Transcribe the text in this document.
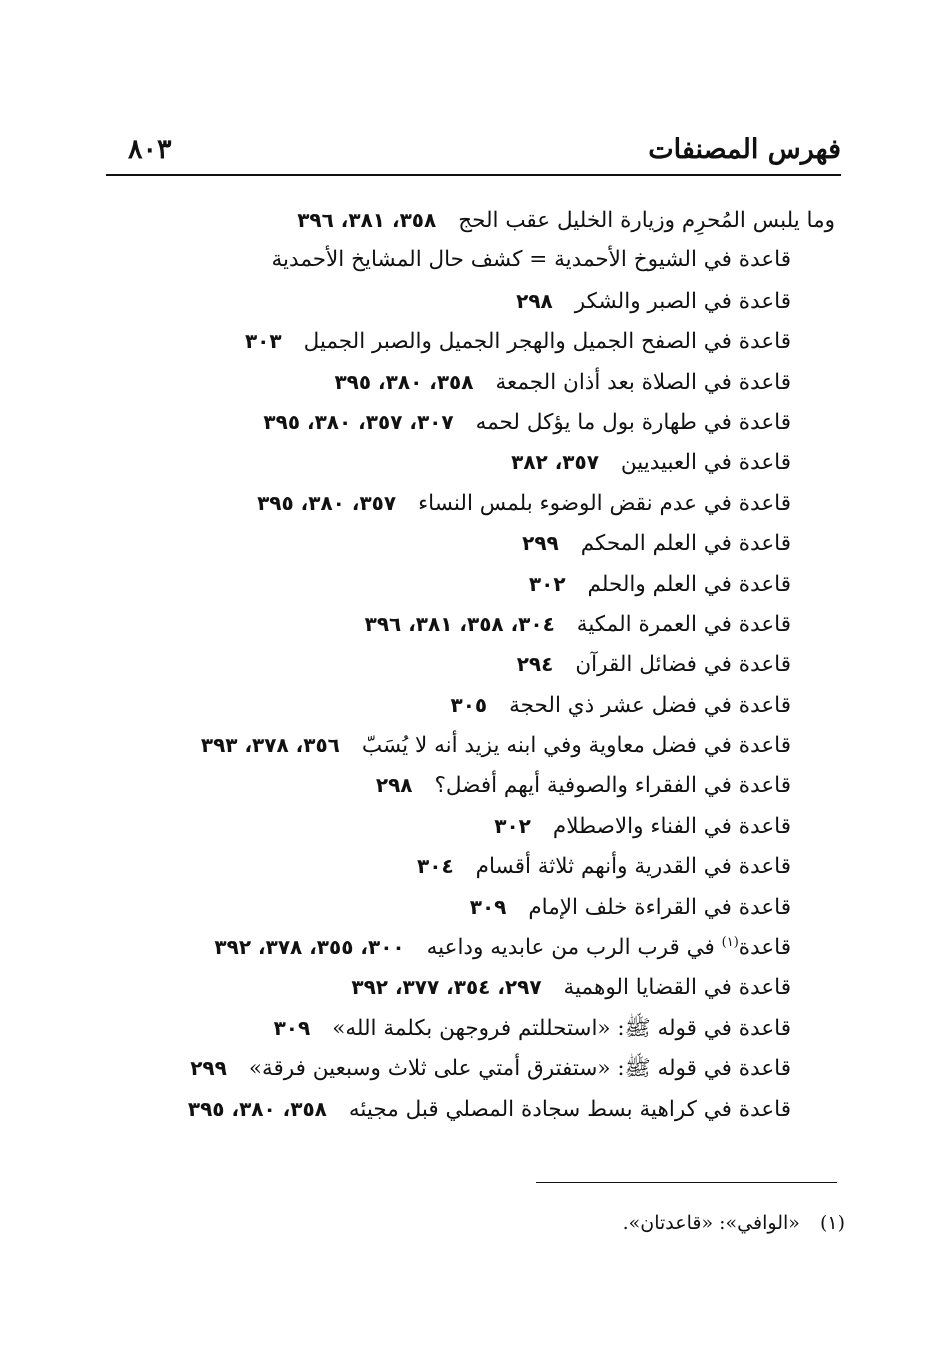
فهرس المصنفات
٨٠٣
وما يلبس المُحرِم وزيارة الخليل عقب الحج٣٥٨، ٣٨١، ٣٩٦
قاعدة في الشيوخ الأحمدية = كشف حال المشايخ الأحمدية
قاعدة في الصبر والشكر٢٩٨
قاعدة في الصفح الجميل والهجر الجميل والصبر الجميل٣٠٣
قاعدة في الصلاة بعد أذان الجمعة٣٥٨، ٣٨٠، ٣٩٥
قاعدة في طهارة بول ما يؤكل لحمه٣٠٧، ٣٥٧، ٣٨٠، ٣٩٥
قاعدة في العبيديين٣٥٧، ٣٨٢
قاعدة في عدم نقض الوضوء بلمس النساء٣٥٧، ٣٨٠، ٣٩٥
قاعدة في العلم المحكم٢٩٩
قاعدة في العلم والحلم٣٠٢
قاعدة في العمرة المكية٣٠٤، ٣٥٨، ٣٨١، ٣٩٦
قاعدة في فضائل القرآن٢٩٤
قاعدة في فضل عشر ذي الحجة٣٠٥
قاعدة في فضل معاوية وفي ابنه يزيد أنه لا يُسَبّ٣٥٦، ٣٧٨، ٣٩٣
قاعدة في الفقراء والصوفية أيهم أفضل؟٢٩٨
قاعدة في الفناء والاصطلام٣٠٢
قاعدة في القدرية وأنهم ثلاثة أقسام٣٠٤
قاعدة في القراءة خلف الإمام٣٠٩
قاعدة$^{(١)}$ في قرب الرب من عابديه وداعيه٣٠٠، ٣٥٥، ٣٧٨، ٣٩٢
قاعدة في القضايا الوهمية٢٩٧، ٣٥٤، ٣٧٧، ٣٩٢
قاعدة في قوله ﷺ: «استحللتم فروجهن بكلمة الله»٣٠٩
قاعدة في قوله ﷺ: «ستفترق أمتي على ثلاث وسبعين فرقة»٢٩٩
قاعدة في كراهية بسط سجادة المصلي قبل مجيئه٣٥٨، ٣٨٠، ٣٩٥
(١) «الوافي»: «قاعدتان».
